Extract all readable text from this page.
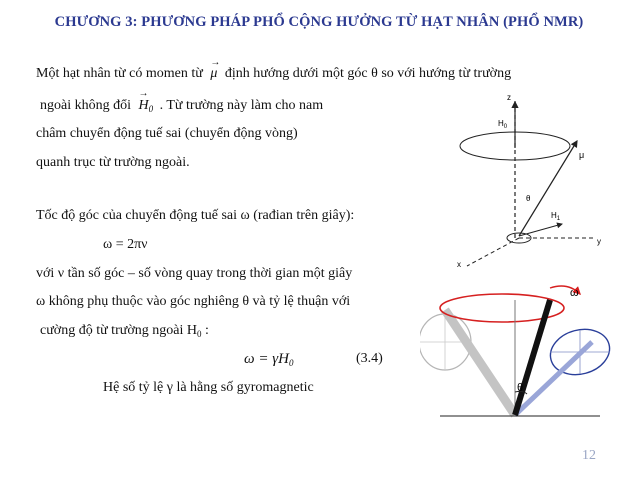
CHƯƠNG 3: PHƯƠNG PHÁP PHỔ CỘNG HƯỞNG TỪ HẠT NHÂN (PHỔ NMR)
Một hạt nhân từ có momen từ
→
μ định hướng dưới một góc θ so với hướng từ trường
ngoài không đổi
→
$H_0$ . Từ trường này làm cho nam
châm chuyển động tuế sai (chuyển động vòng)
quanh trục từ trường ngoài.
Tốc độ góc của chuyển động tuế sai ω (rađian trên giây):
ω = 2πν
với ν tần số góc – số vòng quay trong thời gian một giây
ω không phụ thuộc vào góc nghiêng θ và tỷ lệ thuận với
cường độ từ trường ngoài $H_0$ :
$\omega = \gamma H_0$	(3.4)
Hệ số tỷ lệ γ là hằng số gyromagnetic
z
$H_0$
μ
θ
$H_1$
y
x
ω
θ
12
